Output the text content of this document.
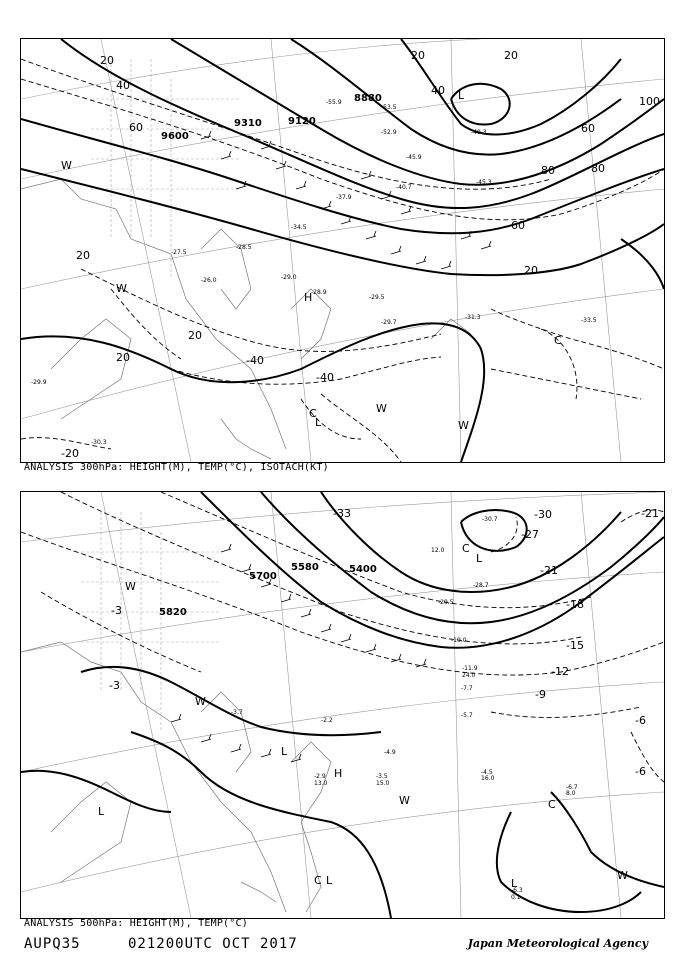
9600
9310	9120
8880
20
40
60
80
100
40
60
80
60
20
20
20
20
20	20
-40
-40
-20
C
C
L
L
H
W
W
W
W
-29.7
-31.3	-33.5
-29.5
-29.0
-28.9
-28.5
-29.9
-30.3
-26.0
-27.5
-45.3
-45.9
-49.3
-53.5
-52.9
-55.9
-40.7
-37.9
-34.5
ANALYSIS 300hPa: HEIGHT(M), TEMP(°C), ISOTACH(KT)
5580
5700
5820
5400
-3
-3
-6
-6
-9
-12
-15
-18
-21
-21
-27
-30
-33
L
C
L
C L
L
H
C
L
W
W
W
W
-4.5
16.0
-6.7
8.0
-6.3
0.1
-4.9
-3.5
15.0
-2.9
13.0
-11.9
24.0
-19.0
-29.5
-28.7
-30.7
-5.7
-7.7
-3.7
-2.2
12.0
ANALYSIS 500hPa: HEIGHT(M), TEMP(°C)
AUPQ35	021200UTC OCT 2017	Japan Meteorological Agency
